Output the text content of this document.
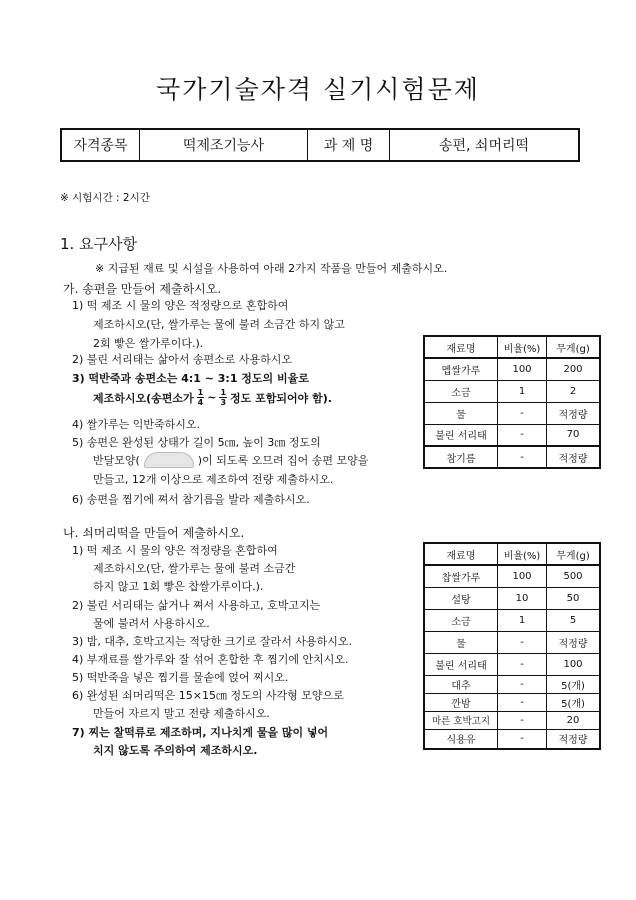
국가기술자격 실기시험문제
자격종목	떡제조기능사	과 제 명	송편, 쇠머리떡
※ 시험시간 : 2시간
1. 요구사항
※ 지급된 재료 및 시설을 사용하여 아래 2가지 작품을 만들어 제출하시오.
가. 송편을 만들어 제출하시오.
1) 떡 제조 시 물의 양은 적정량으로 혼합하여
제조하시오(단, 쌀가루는 물에 불려 소금간 하지 않고
2회 빻은 쌀가루이다.).
2) 불린 서리태는 삶아서 송편소로 사용하시오
3) 떡반죽과 송편소는 4:1 ~ 3:1 정도의 비율로
제조하시오(송편소가 $\frac{1}{4}$ ~ $\frac{1}{3}$ 정도 포함되어야 함).
4) 쌀가루는 익반죽하시오.
5) 송편은 완성된 상태가 길이 5㎝, 높이 3㎝ 정도의
반달모양(	)이 되도록 오므려 집어 송편 모양을
만들고, 12개 이상으로 제조하여 전량 제출하시오.
6) 송편을 찜기에 쪄서 참기름을 발라 제출하시오.
재료명	비율(%)	무게(g)
멥쌀가루	100	200
소금	1	2
물	-	적정량
불린 서리태	-	70
참기름	-	적정량
나. 쇠머리떡을 만들어 제출하시오.
1) 떡 제조 시 물의 양은 적정량을 혼합하여
제조하시오(단, 쌀가루는 물에 불려 소금간
하지 않고 1회 빻은 찹쌀가루이다.).
2) 불린 서리태는 삶거나 쪄서 사용하고, 호박고지는
물에 불려서 사용하시오.
3) 밤, 대추, 호박고지는 적당한 크기로 잘라서 사용하시오.
4) 부재료를 쌀가루와 잘 섞어 혼합한 후 찜기에 안치시오.
5) 떡반죽을 넣은 찜기를 물솥에 얹어 찌시오.
6) 완성된 쇠머리떡은 15×15㎝ 정도의 사각형 모양으로
만들어 자르지 말고 전량 제출하시오.
7) 찌는 찰떡류로 제조하며, 지나치게 물을 많이 넣어
치지 않도록 주의하여 제조하시오.
재료명	비율(%)	무게(g)
찹쌀가루	100	500
설탕	10	50
소금	1	5
물	-	적정량
불린 서리태	-	100
대추	-	5(개)
깐밤	-	5(개)
마른 호박고지	-	20
식용유	-	적정량
